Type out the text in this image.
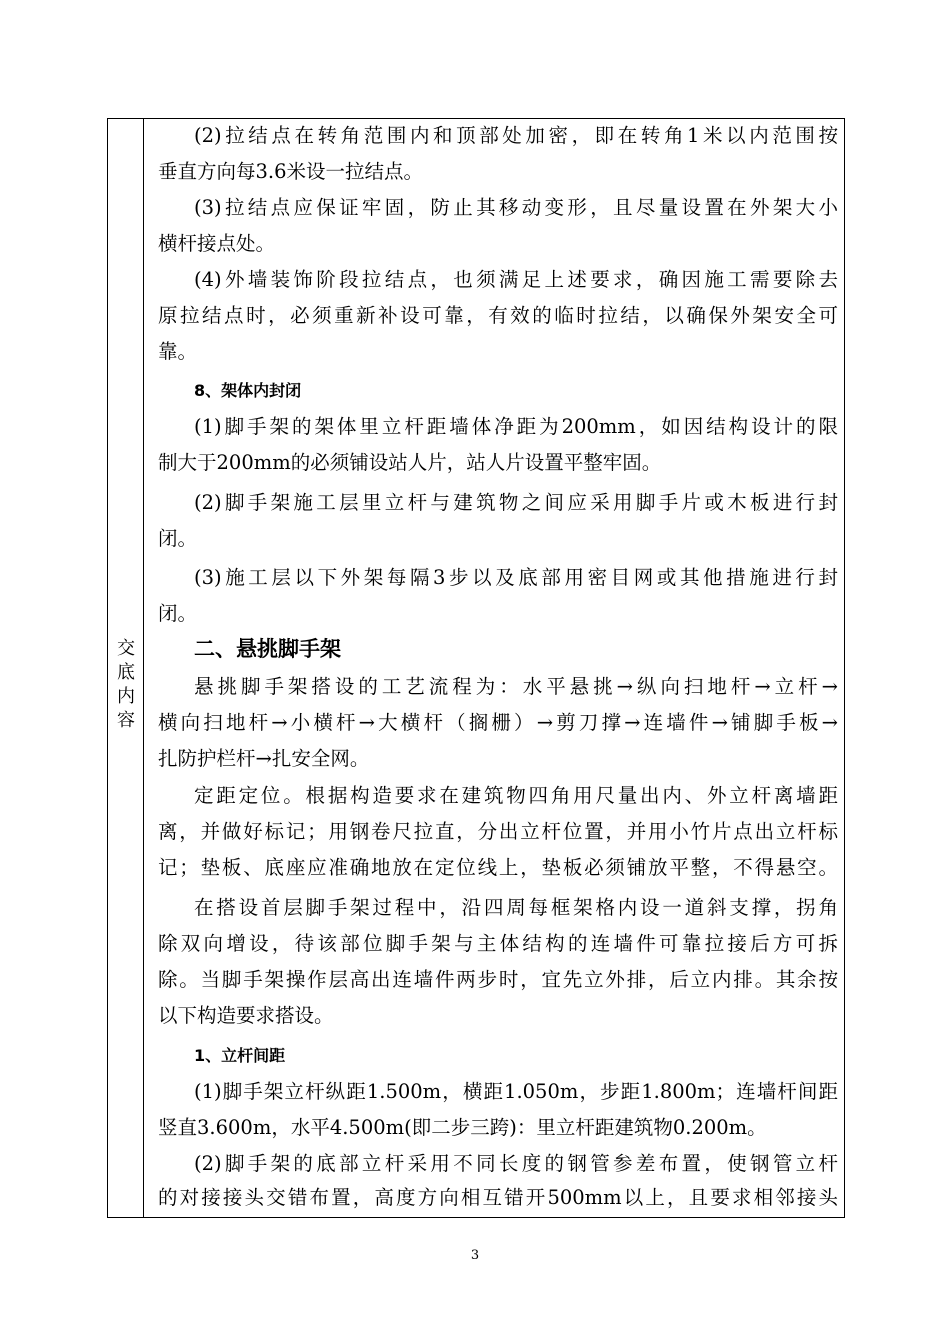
交
底
内
容
(2)拉结点在转角范围内和顶部处加密，即在转角1米以内范围按
垂直方向每3.6米设一拉结点。
(3)拉结点应保证牢固，防止其移动变形，且尽量设置在外架大小
横杆接点处。
(4)外墙装饰阶段拉结点，也须满足上述要求，确因施工需要除去
原拉结点时，必须重新补设可靠，有效的临时拉结，以确保外架安全可
靠。
8、架体内封闭
(1)脚手架的架体里立杆距墙体净距为200mm，如因结构设计的限
制大于200mm的必须铺设站人片，站人片设置平整牢固。
(2)脚手架施工层里立杆与建筑物之间应采用脚手片或木板进行封
闭。
(3)施工层以下外架每隔3步以及底部用密目网或其他措施进行封
闭。
二、悬挑脚手架
悬挑脚手架搭设的工艺流程为：水平悬挑→纵向扫地杆→立杆→
横向扫地杆→小横杆→大横杆（搁栅）→剪刀撑→连墙件→铺脚手板→
扎防护栏杆→扎安全网。
定距定位。根据构造要求在建筑物四角用尺量出内、外立杆离墙距
离，并做好标记；用钢卷尺拉直，分出立杆位置，并用小竹片点出立杆标
记；垫板、底座应准确地放在定位线上，垫板必须铺放平整，不得悬空。
在搭设首层脚手架过程中，沿四周每框架格内设一道斜支撑，拐角
除双向增设，待该部位脚手架与主体结构的连墙件可靠拉接后方可拆
除。当脚手架操作层高出连墙件两步时，宜先立外排，后立内排。其余按
以下构造要求搭设。
1、立杆间距
(1)脚手架立杆纵距1.500m，横距1.050m，步距1.800m；连墙杆间距
竖直3.600m，水平4.500m(即二步三跨)：里立杆距建筑物0.200m。
(2)脚手架的底部立杆采用不同长度的钢管参差布置，使钢管立杆
的对接接头交错布置，高度方向相互错开500mm以上，且要求相邻接头
3
